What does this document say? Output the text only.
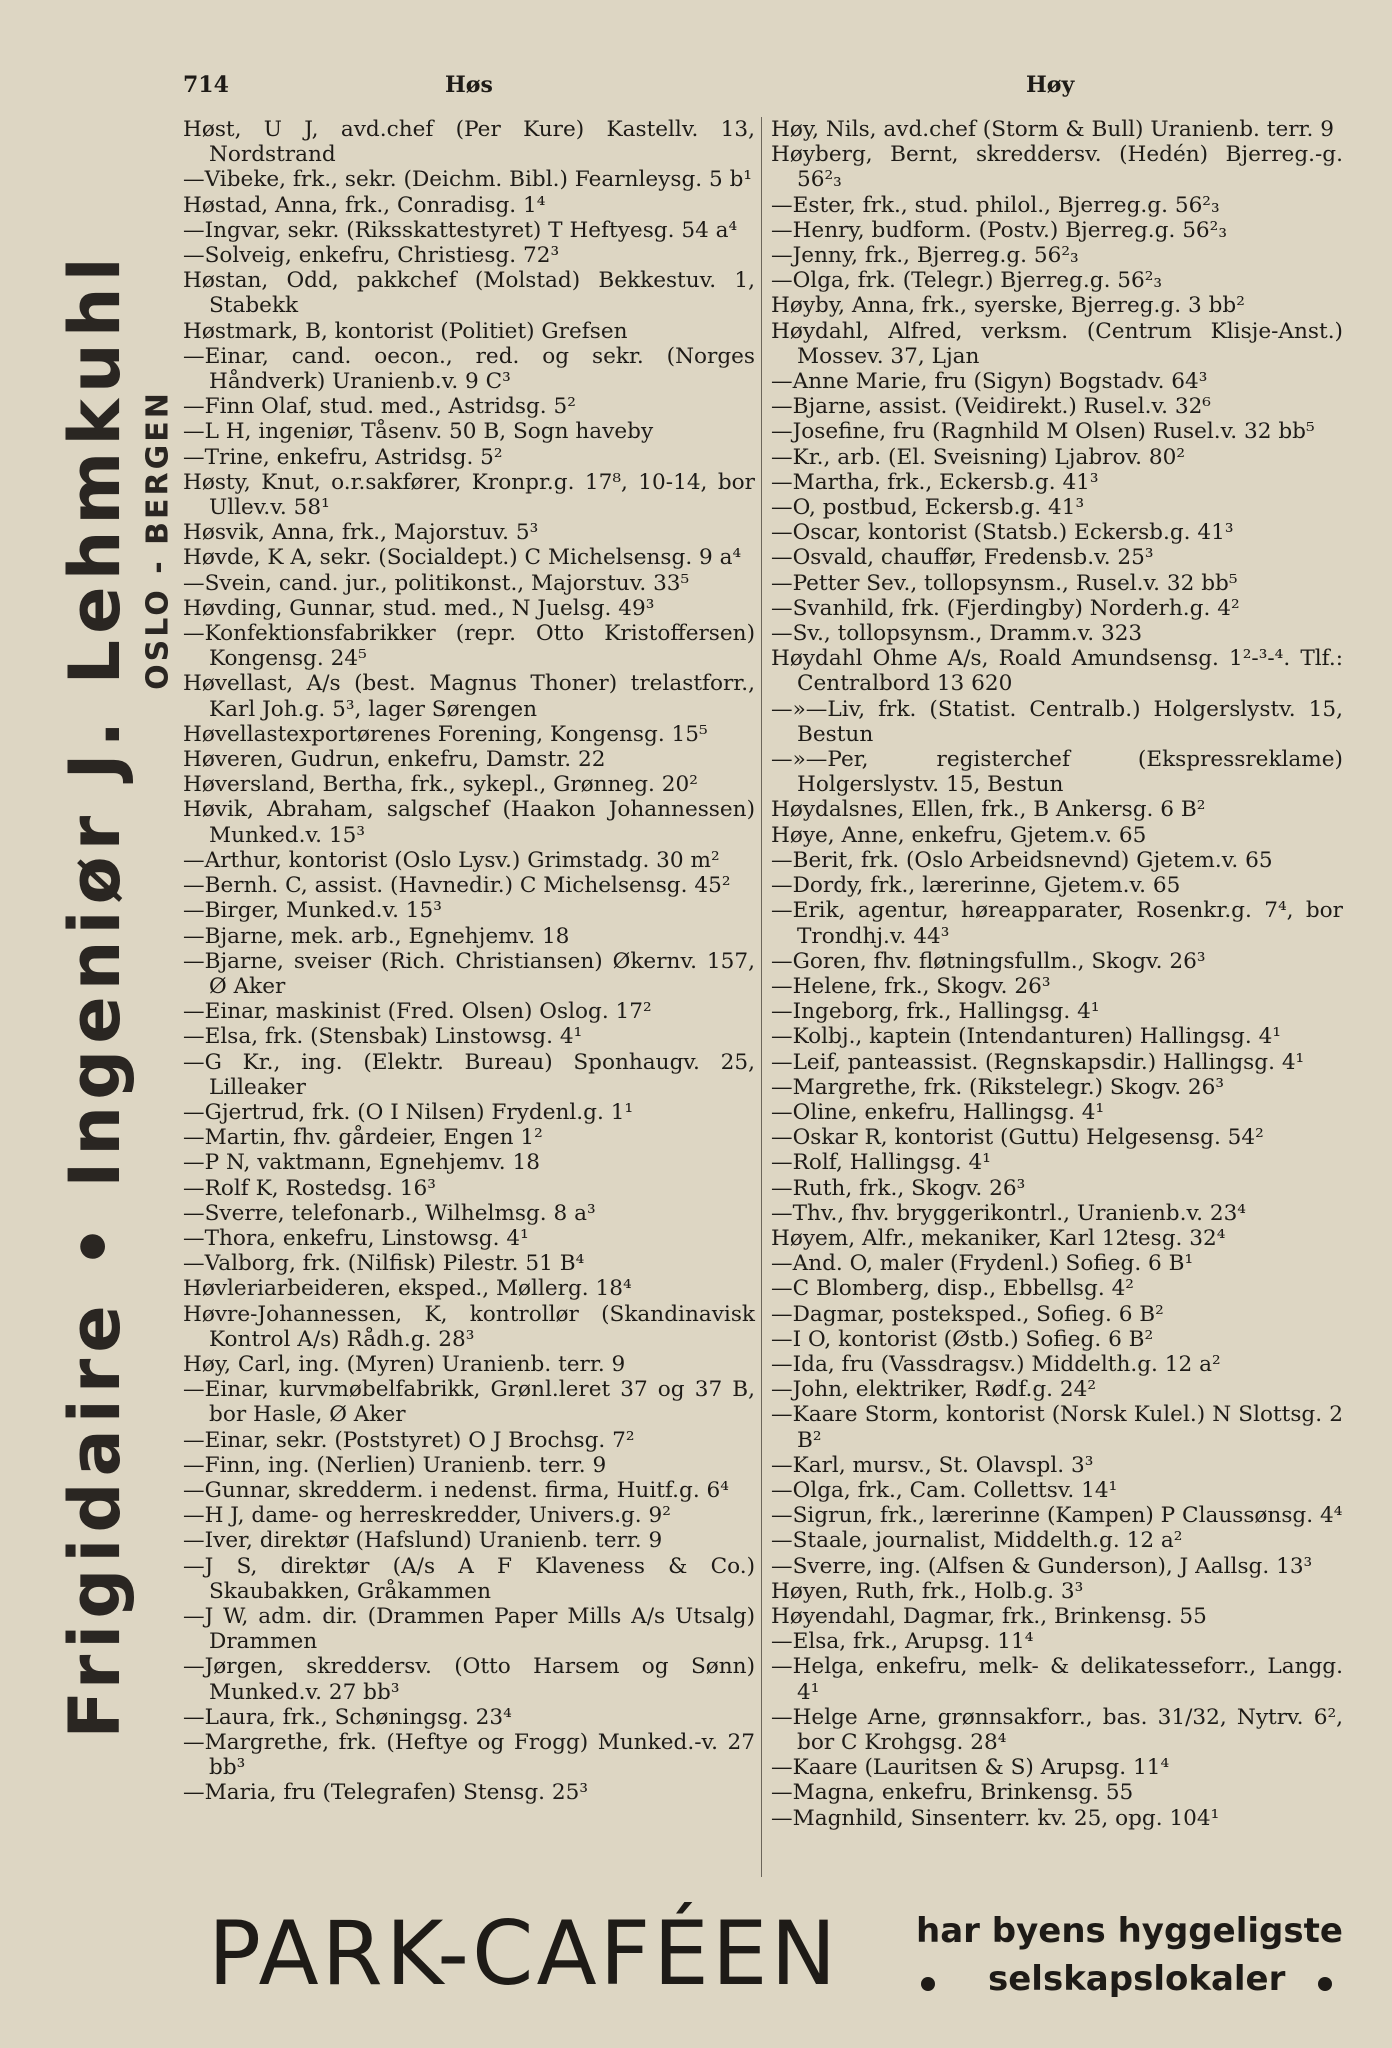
714	Høs	Høy
Frigidaire • Ingeniør J. Lehmkuhl OSLO - BERGEN
Høst, U J, avd.chef (Per Kure) Kastellv. 13, Nordstrand
—Vibeke, frk., sekr. (Deichm. Bibl.) Fearnleysg. 5 b¹
Høstad, Anna, frk., Conradisg. 1⁴
—Ingvar, sekr. (Riksskattestyret) T Heftyesg. 54 a⁴
—Solveig, enkefru, Christiesg. 72³
Høstan, Odd, pakkchef (Molstad) Bekkestuv. 1, Stabekk
Høstmark, B, kontorist (Politiet) Grefsen
—Einar, cand. oecon., red. og sekr. (Norges Håndverk) Uranienb.v. 9 C³
—Finn Olaf, stud. med., Astridsg. 5²
—L H, ingeniør, Tåsenv. 50 B, Sogn haveby
—Trine, enkefru, Astridsg. 5²
Høsty, Knut, o.r.sakfører, Kronpr.g. 17⁸, 10-14, bor Ullev.v. 58¹
Høsvik, Anna, frk., Majorstuv. 5³
Høvde, K A, sekr. (Socialdept.) C Michelsensg. 9 a⁴
—Svein, cand. jur., politikonst., Majorstuv. 33⁵
Høvding, Gunnar, stud. med., N Juelsg. 49³
—Konfektionsfabrikker (repr. Otto Kristoffersen) Kongensg. 24⁵
Høvellast, A/s (best. Magnus Thoner) trelastforr., Karl Joh.g. 5³, lager Sørengen
Høvellastexportørenes Forening, Kongensg. 15⁵
Høveren, Gudrun, enkefru, Damstr. 22
Høversland, Bertha, frk., sykepl., Grønneg. 20²
Høvik, Abraham, salgschef (Haakon Johannessen) Munked.v. 15³
—Arthur, kontorist (Oslo Lysv.) Grimstadg. 30 m²
—Bernh. C, assist. (Havnedir.) C Michelsensg. 45²
—Birger, Munked.v. 15³
—Bjarne, mek. arb., Egnehjemv. 18
—Bjarne, sveiser (Rich. Christiansen) Økernv. 157, Ø Aker
—Einar, maskinist (Fred. Olsen) Oslog. 17²
—Elsa, frk. (Stensbak) Linstowsg. 4¹
—G Kr., ing. (Elektr. Bureau) Sponhaugv. 25, Lilleaker
—Gjertrud, frk. (O I Nilsen) Frydenl.g. 1¹
—Martin, fhv. gårdeier, Engen 1²
—P N, vaktmann, Egnehjemv. 18
—Rolf K, Rostedsg. 16³
—Sverre, telefonarb., Wilhelmsg. 8 a³
—Thora, enkefru, Linstowsg. 4¹
—Valborg, frk. (Nilfisk) Pilestr. 51 B⁴
Høvleriarbeideren, eksped., Møllerg. 18⁴
Høvre-Johannessen, K, kontrollør (Skandinavisk Kontrol A/s) Rådh.g. 28³
Høy, Carl, ing. (Myren) Uranienb. terr. 9
—Einar, kurvmøbelfabrikk, Grønl.leret 37 og 37 B, bor Hasle, Ø Aker
—Einar, sekr. (Poststyret) O J Brochsg. 7²
—Finn, ing. (Nerlien) Uranienb. terr. 9
—Gunnar, skredderm. i nedenst. firma, Huitf.g. 6⁴
—H J, dame- og herreskredder, Univers.g. 9²
—Iver, direktør (Hafslund) Uranienb. terr. 9
—J S, direktør (A/s A F Klaveness & Co.) Skaubakken, Gråkammen
—J W, adm. dir. (Drammen Paper Mills A/s Utsalg) Drammen
—Jørgen, skreddersv. (Otto Harsem og Sønn) Munked.v. 27 bb³
—Laura, frk., Schøningsg. 23⁴
—Margrethe, frk. (Heftye og Frogg) Munked.-v. 27 bb³
—Maria, fru (Telegrafen) Stensg. 25³
Høy, Nils, avd.chef (Storm & Bull) Uranienb. terr. 9
Høyberg, Bernt, skreddersv. (Hedén) Bjerreg.-g. 56²₃
—Ester, frk., stud. philol., Bjerreg.g. 56²₃
—Henry, budform. (Postv.) Bjerreg.g. 56²₃
—Jenny, frk., Bjerreg.g. 56²₃
—Olga, frk. (Telegr.) Bjerreg.g. 56²₃
Høyby, Anna, frk., syerske, Bjerreg.g. 3 bb²
Høydahl, Alfred, verksm. (Centrum Klisje-Anst.) Mossev. 37, Ljan
—Anne Marie, fru (Sigyn) Bogstadv. 64³
—Bjarne, assist. (Veidirekt.) Rusel.v. 32⁶
—Josefine, fru (Ragnhild M Olsen) Rusel.v. 32 bb⁵
—Kr., arb. (El. Sveisning) Ljabrov. 80²
—Martha, frk., Eckersb.g. 41³
—O, postbud, Eckersb.g. 41³
—Oscar, kontorist (Statsb.) Eckersb.g. 41³
—Osvald, chauffør, Fredensb.v. 25³
—Petter Sev., tollopsynsm., Rusel.v. 32 bb⁵
—Svanhild, frk. (Fjerdingby) Norderh.g. 4²
—Sv., tollopsynsm., Dramm.v. 323
Høydahl Ohme A/s, Roald Amundsensg. 1²-³-⁴. Tlf.: Centralbord 13 620
—»—Liv, frk. (Statist. Centralb.) Holgerslystv. 15, Bestun
—»—Per, registerchef (Ekspressreklame) Holgerslystv. 15, Bestun
Høydalsnes, Ellen, frk., B Ankersg. 6 B²
Høye, Anne, enkefru, Gjetem.v. 65
—Berit, frk. (Oslo Arbeidsnevnd) Gjetem.v. 65
—Dordy, frk., lærerinne, Gjetem.v. 65
—Erik, agentur, høreapparater, Rosenkr.g. 7⁴, bor Trondhj.v. 44³
—Goren, fhv. fløtningsfullm., Skogv. 26³
—Helene, frk., Skogv. 26³
—Ingeborg, frk., Hallingsg. 4¹
—Kolbj., kaptein (Intendanturen) Hallingsg. 4¹
—Leif, panteassist. (Regnskapsdir.) Hallingsg. 4¹
—Margrethe, frk. (Rikstelegr.) Skogv. 26³
—Oline, enkefru, Hallingsg. 4¹
—Oskar R, kontorist (Guttu) Helgesensg. 54²
—Rolf, Hallingsg. 4¹
—Ruth, frk., Skogv. 26³
—Thv., fhv. bryggerikontrl., Uranienb.v. 23⁴
Høyem, Alfr., mekaniker, Karl 12tesg. 32⁴
—And. O, maler (Frydenl.) Sofieg. 6 B¹
—C Blomberg, disp., Ebbellsg. 4²
—Dagmar, posteksped., Sofieg. 6 B²
—I O, kontorist (Østb.) Sofieg. 6 B²
—Ida, fru (Vassdragsv.) Middelth.g. 12 a²
—John, elektriker, Rødf.g. 24²
—Kaare Storm, kontorist (Norsk Kulel.) N Slottsg. 2 B²
—Karl, mursv., St. Olavspl. 3³
—Olga, frk., Cam. Collettsv. 14¹
—Sigrun, frk., lærerinne (Kampen) P Claussønsg. 4⁴
—Staale, journalist, Middelth.g. 12 a²
—Sverre, ing. (Alfsen & Gunderson), J Aallsg. 13³
Høyen, Ruth, frk., Holb.g. 3³
Høyendahl, Dagmar, frk., Brinkensg. 55
—Elsa, frk., Arupsg. 11⁴
—Helga, enkefru, melk- & delikatesseforr., Langg. 4¹
—Helge Arne, grønnsakforr., bas. 31/32, Nytrv. 6², bor C Krohgsg. 28⁴
—Kaare (Lauritsen & S) Arupsg. 11⁴
—Magna, enkefru, Brinkensg. 55
—Magnhild, Sinsenterr. kv. 25, opg. 104¹
PARK-CAFÉEN har byens hyggeligste
selskapslokaler
